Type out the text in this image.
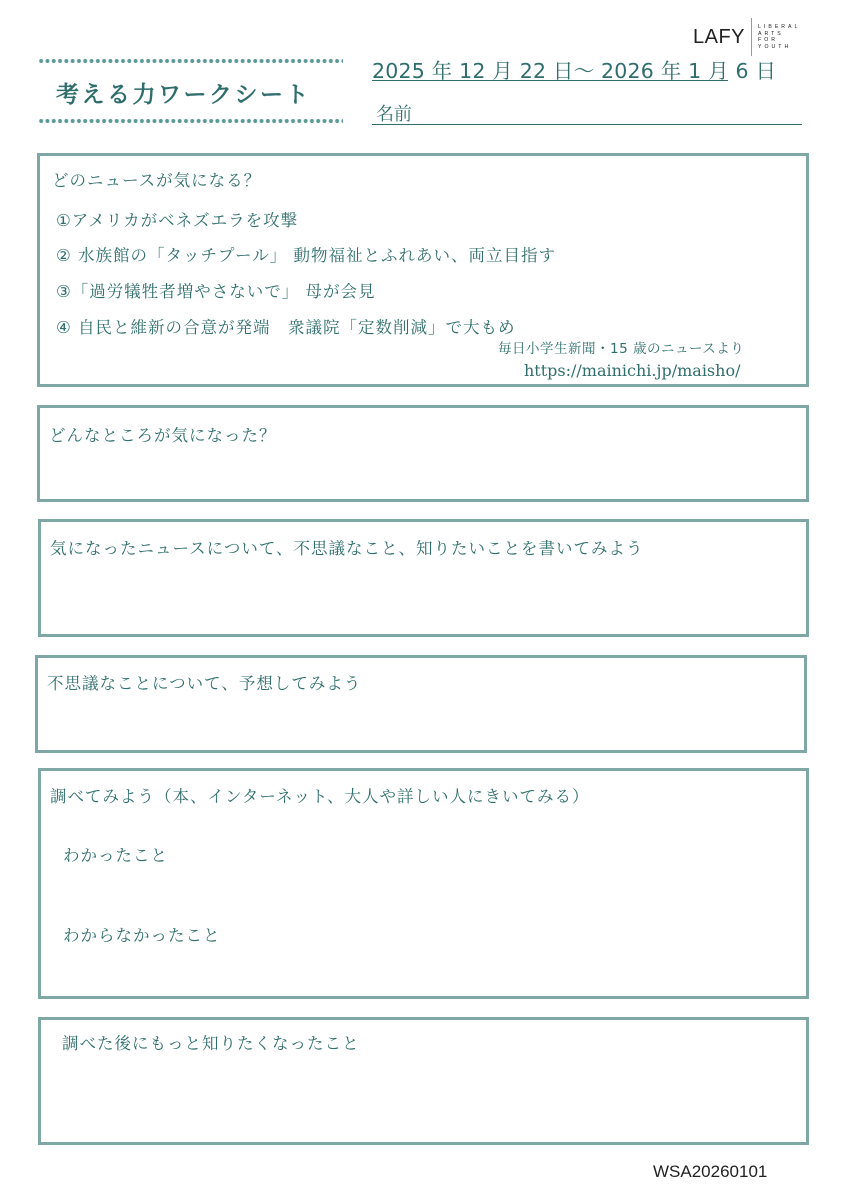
LAFY	LIBERAL
ARTS
FOR
YOUTH
考える力ワークシート
2025 年 12 月 22 日～ 2026 年 1 月 6 日
名前
どのニュースが気になる？
①アメリカがベネズエラを攻撃
② 水族館の「タッチプール」 動物福祉とふれあい、両立目指す
③「過労犠牲者増やさないで」 母が会見
④ 自民と維新の合意が発端　衆議院「定数削減」で大もめ
毎日小学生新聞・15 歳のニュースより
https://mainichi.jp/maisho/
どんなところが気になった？
気になったニュースについて、不思議なこと、知りたいことを書いてみよう
不思議なことについて、予想してみよう
調べてみよう（本、インターネット、大人や詳しい人にきいてみる）
わかったこと
わからなかったこと
調べた後にもっと知りたくなったこと
WSA20260101
